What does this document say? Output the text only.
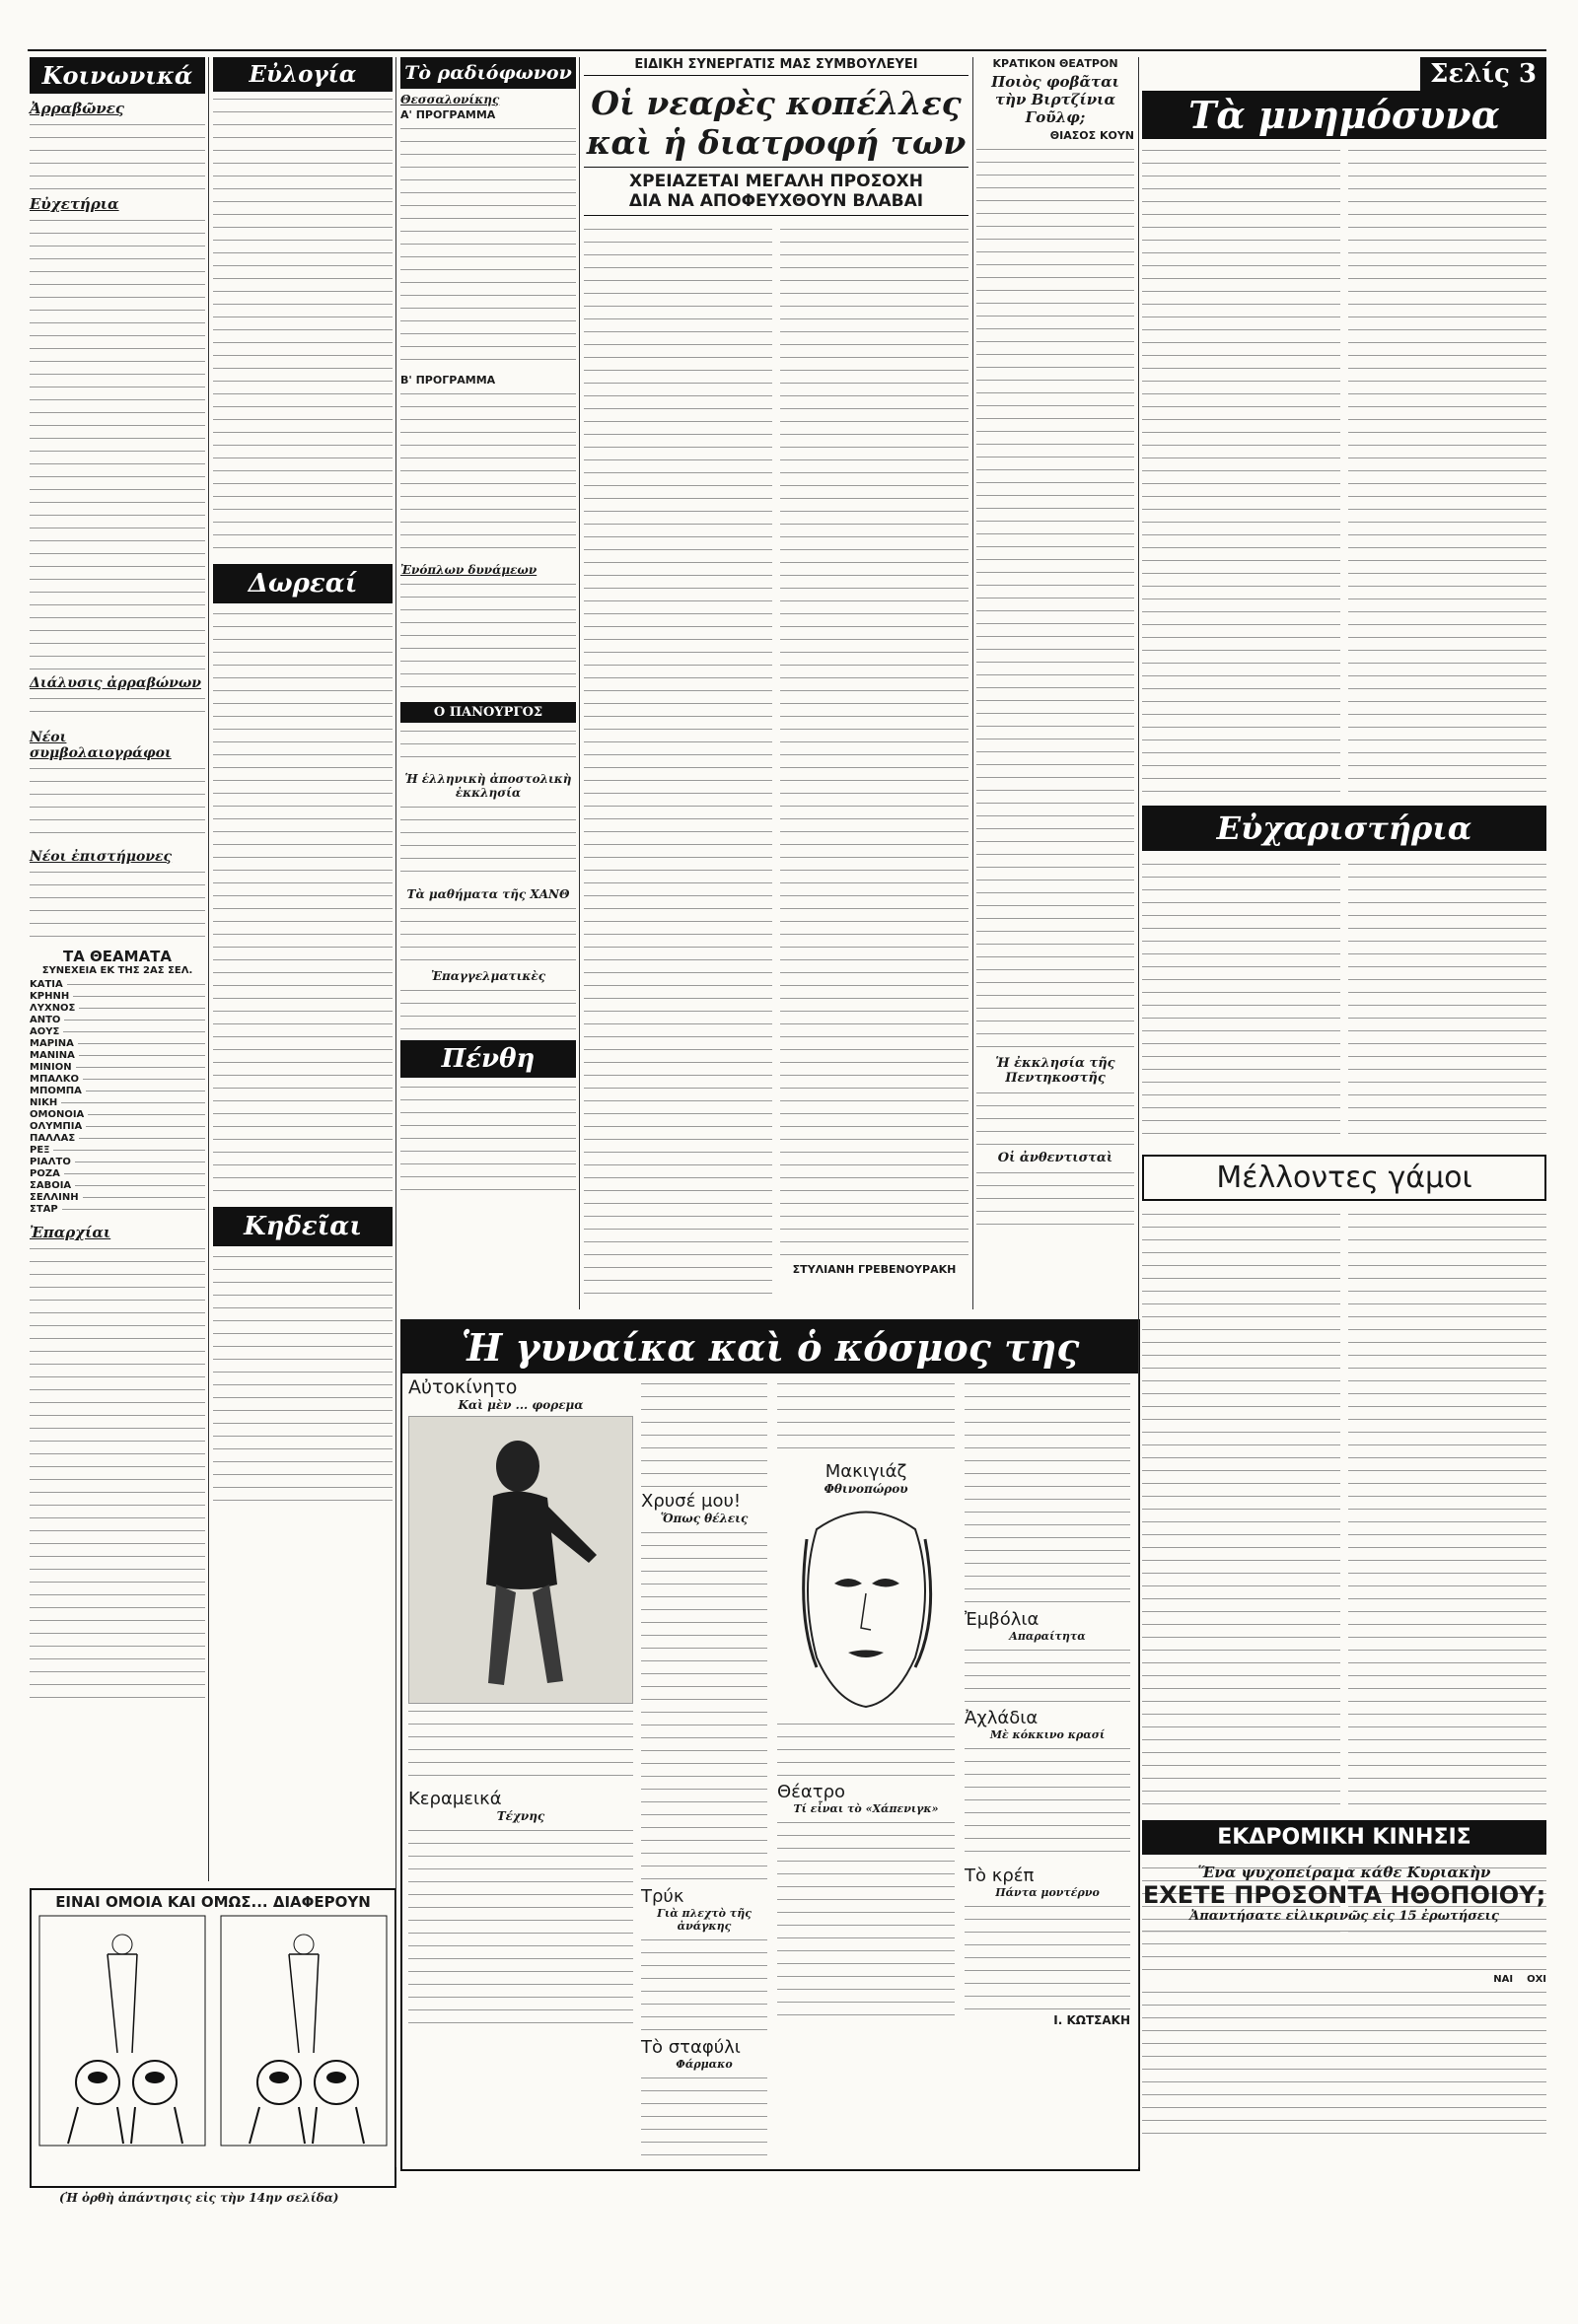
Κοινωνικά
Ἀρραβῶνες
Εὐχετήρια
Διάλυσις ἀρραβώνων
Νέοι συμβολαιογράφοι
Νέοι ἐπιστήμονες
ΤΑ ΘΕΑΜΑΤΑ
ΣΥΝΕΧΕΙΑ ΕΚ ΤΗΣ 2ΑΣ ΣΕΛ.
ΚΑΤΙΑ
ΚΡΗΝΗ
ΛΥΧΝΟΣ
ΑΝΤΟ
ΑΟΥΣ
ΜΑΡΙΝΑ
ΜΑΝΙΝΑ
ΜΙΝΙΟΝ
ΜΠΑΛΚΟ
ΜΠΟΜΠΑ
ΝΙΚΗ
ΟΜΟΝΟΙΑ
ΟΛΥΜΠΙΑ
ΠΑΛΛΑΣ
ΡΕΞ
ΡΙΑΛΤΟ
ΡΟΖΑ
ΣΑΒΟΙΑ
ΣΕΛΛΙΝΗ
ΣΤΑΡ
Ἐπαρχίαι
Εὐλογία
Δωρεαί
Κηδεῖαι
Τὸ ραδιόφωνον
Θεσσαλονίκης
Α' ΠΡΟΓΡΑΜΜΑ
Β' ΠΡΟΓΡΑΜΜΑ
Ἐνόπλων δυνάμεων
Ο ΠΑΝΟΥΡΓΟΣ
Ἡ ἑλληνικὴ ἀποστολικὴ ἐκκλησία
Τὰ μαθήματα τῆς ΧΑΝΘ
Ἐπαγγελματικὲς
Πένθη
ΕΙΔΙΚΗ ΣΥΝΕΡΓΑΤΙΣ ΜΑΣ ΣΥΜΒΟΥΛΕΥΕΙ
Οἱ νεαρὲς κοπέλλες καὶ ἡ διατροφή των
ΧΡΕΙΑΖΕΤΑΙ ΜΕΓΑΛΗ ΠΡΟΣΟΧΗ
ΔΙΑ ΝΑ ΑΠΟΦΕΥΧΘΟΥΝ ΒΛΑΒΑΙ
ΣΤΥΛΙΑΝΗ ΓΡΕΒΕΝΟΥΡΑΚΗ
ΚΡΑΤΙΚΟΝ ΘΕΑΤΡΟΝ
Ποιὸς φοβᾶται τὴν Βιρτζίνια Γοῦλφ;
ΘΙΑΣΟΣ ΚΟΥΝ
Ἡ ἐκκλησία τῆς Πεντηκοστῆς
Οἱ ἀνθεντισταὶ
Σελίς 3
Τὰ μνημόσυνα
Εὐχαριστήρια
Μέλλοντες γάμοι
ΕΚΔΡΟΜΙΚΗ ΚΙΝΗΣΙΣ
Ἡ γυναίκα καὶ ὁ κόσμος της
Αὐτοκίνητο
Καὶ μὲν ... φορεμα
Κεραμεικά
Τέχνης
Χρυσέ μου!
Ὅπως θέλεις
Τρύκ
Γιὰ πλεχτὸ τῆς ἀνάγκης
Τὸ σταφύλι
Φάρμακο
Μακιγιάζ
Φθινοπώρου
Θέατρο
Τί εἶναι τὸ «Χάπενιγκ»
Ἐμβόλια
Απαραίτητα
Ἀχλάδια
Μὲ κόκκινο κρασί
Τὸ κρέπ
Πάντα μοντέρνο
Ι. ΚΩΤΣΑΚΗ
Ἕνα ψυχοπείραμα κάθε Κυριακὴν
ΕΧΕΤΕ ΠΡΟΣΟΝΤΑ ΗΘΟΠΟΙΟΥ;
Ἀπαντήσατε εἰλικρινῶς εἰς 15 ἐρωτήσεις
ΝΑΙ ΟΧΙ
ΕΙΝΑΙ ΟΜΟΙΑ ΚΑΙ ΟΜΩΣ... ΔΙΑΦΕΡΟΥΝ
(Ἡ ὀρθὴ ἀπάντησις εἰς τὴν 14ην σελίδα)
